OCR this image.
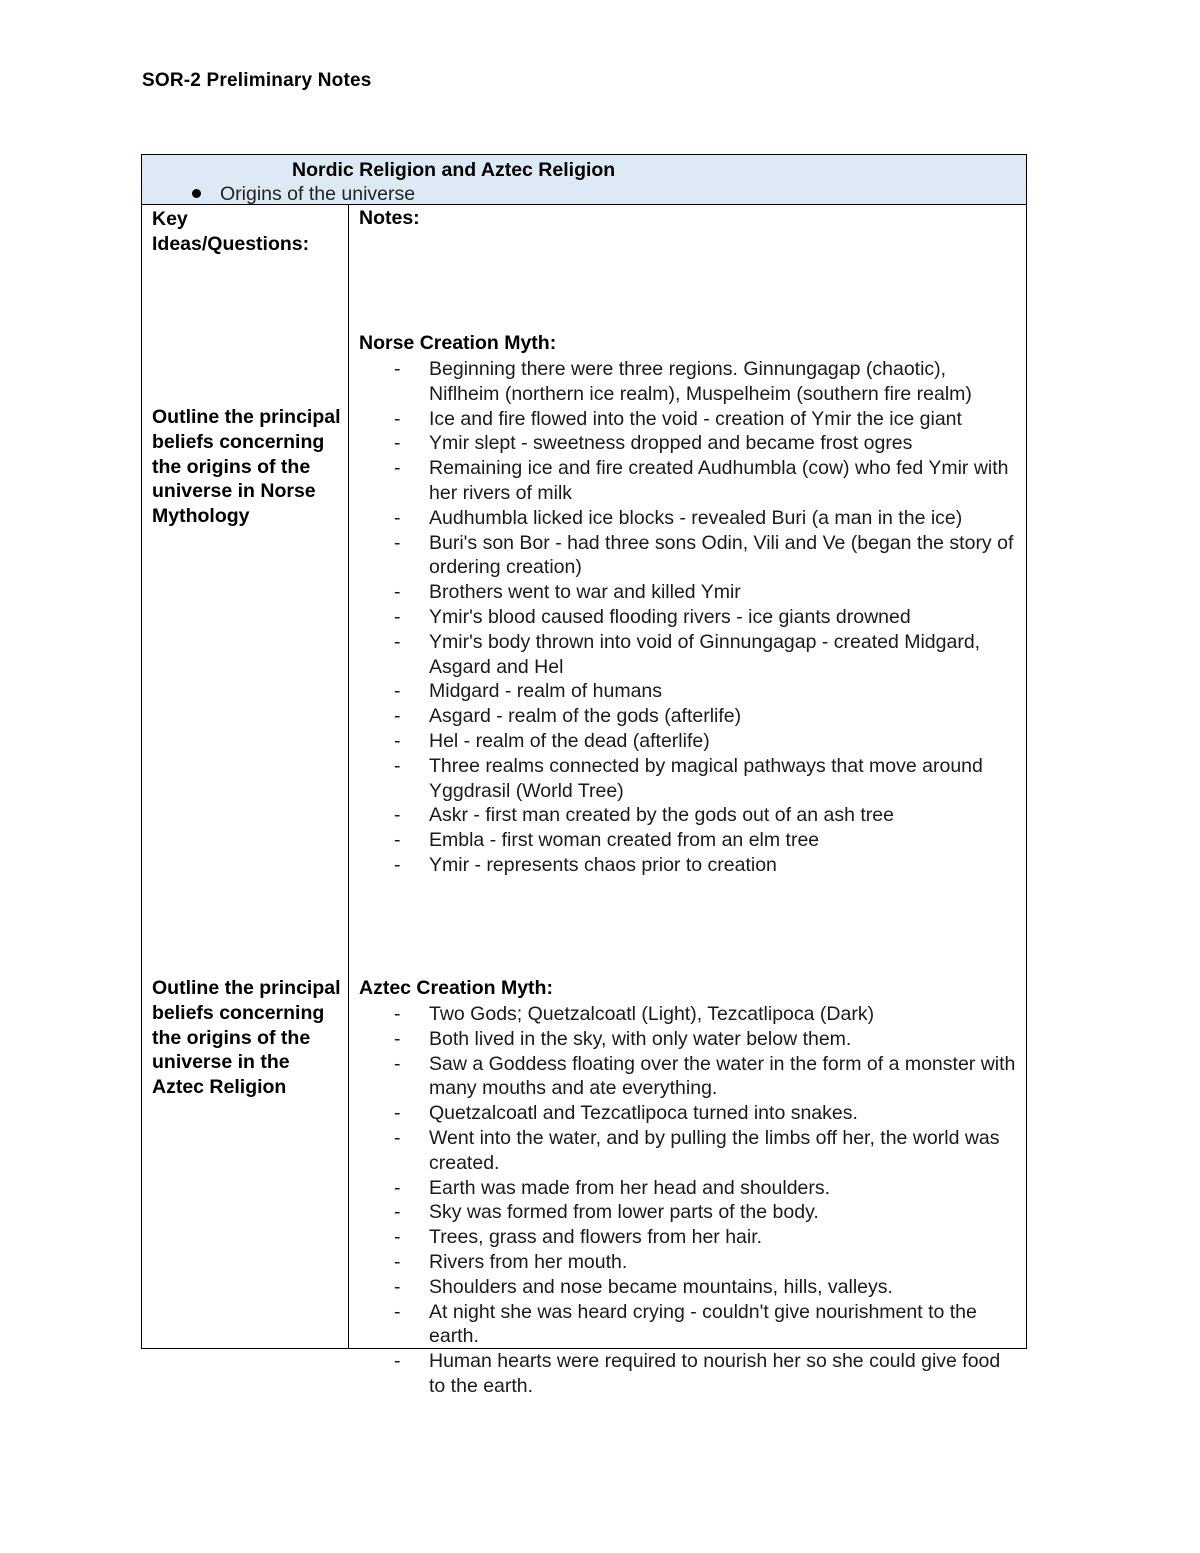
SOR-2 Preliminary Notes
Nordic Religion and Aztec Religion
Origins of the universe
Key Ideas/Questions:
Outline the principal beliefs concerning the origins of the universe in Norse Mythology
Outline the principal beliefs concerning the origins of the universe in the Aztec Religion
Notes:
Norse Creation Myth:
- Beginning there were three regions. Ginnungagap (chaotic), Niflheim (northern ice realm), Muspelheim (southern fire realm)
- Ice and fire flowed into the void - creation of Ymir the ice giant
- Ymir slept - sweetness dropped and became frost ogres
- Remaining ice and fire created Audhumbla (cow) who fed Ymir with her rivers of milk
- Audhumbla licked ice blocks - revealed Buri (a man in the ice)
- Buri's son Bor - had three sons Odin, Vili and Ve (began the story of ordering creation)
- Brothers went to war and killed Ymir
- Ymir's blood caused flooding rivers - ice giants drowned
- Ymir's body thrown into void of Ginnungagap - created Midgard, Asgard and Hel
- Midgard - realm of humans
- Asgard - realm of the gods (afterlife)
- Hel - realm of the dead (afterlife)
- Three realms connected by magical pathways that move around Yggdrasil (World Tree)
- Askr - first man created by the gods out of an ash tree
- Embla - first woman created from an elm tree
- Ymir - represents chaos prior to creation
Aztec Creation Myth:
- Two Gods; Quetzalcoatl (Light), Tezcatlipoca (Dark)
- Both lived in the sky, with only water below them.
- Saw a Goddess floating over the water in the form of a monster with many mouths and ate everything.
- Quetzalcoatl and Tezcatlipoca turned into snakes.
- Went into the water, and by pulling the limbs off her, the world was created.
- Earth was made from her head and shoulders.
- Sky was formed from lower parts of the body.
- Trees, grass and flowers from her hair.
- Rivers from her mouth.
- Shoulders and nose became mountains, hills, valleys.
- At night she was heard crying - couldn't give nourishment to the earth.
- Human hearts were required to nourish her so she could give food to the earth.
